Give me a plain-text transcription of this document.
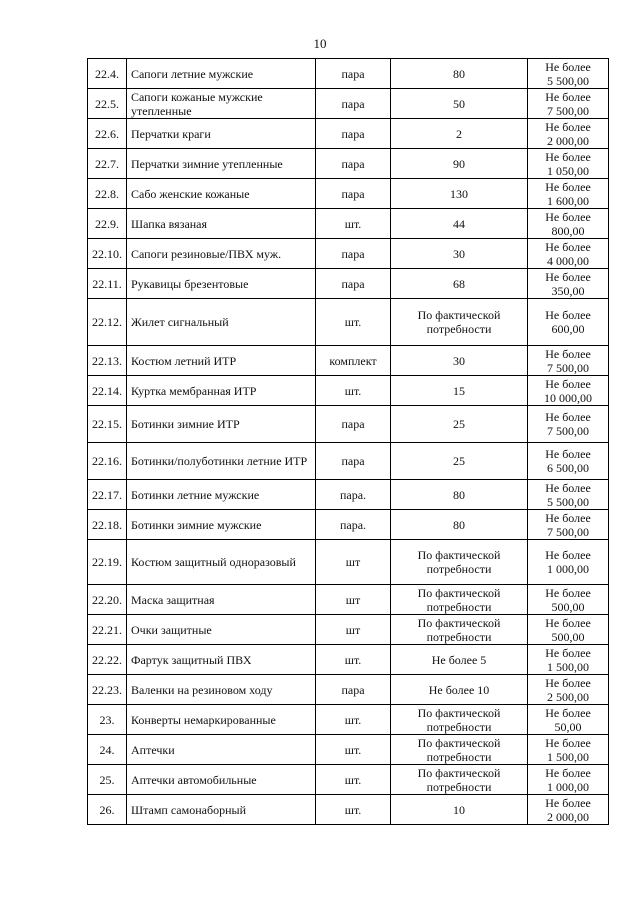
10
22.4.	Сапоги летние мужские	пара	80	Не более
5 500,00

22.5.	Сапоги кожаные мужские утепленные	пара	50	Не более
7 500,00

22.6.	Перчатки краги	пара	2	Не более
2 000,00

22.7.	Перчатки зимние утепленные	пара	90	Не более
1 050,00

22.8.	Сабо женские кожаные	пара	130	Не более
1 600,00

22.9.	Шапка вязаная	шт.	44	Не более
800,00

22.10.	Сапоги резиновые/ПВХ муж.	пара	30	Не более
4 000,00

22.11.	Рукавицы брезентовые	пара	68	Не более
350,00

22.12.	Жилет сигнальный	шт.	По фактической потребности	Не более
600,00

22.13.	Костюм летний ИТР	комплект	30	Не более
7 500,00

22.14.	Куртка мембранная ИТР	шт.	15	Не более
10 000,00

22.15.	Ботинки зимние ИТР	пара	25	Не более
7 500,00

22.16.	Ботинки/полуботинки летние ИТР	пара	25	Не более
6 500,00

22.17.	Ботинки летние мужские	пара.	80	Не более
5 500,00

22.18.	Ботинки зимние мужские	пара.	80	Не более
7 500,00

22.19.	Костюм защитный одноразовый	шт	По фактической потребности	Не более
1 000,00

22.20.	Маска защитная	шт	По фактической потребности	Не более
500,00

22.21.	Очки защитные	шт	По фактической потребности	Не более
500,00

22.22.	Фартук защитный ПВХ	шт.	Не более 5	Не более
1 500,00

22.23.	Валенки на резиновом ходу	пара	Не более 10	Не более
2 500,00

23.	Конверты немаркированные	шт.	По фактической потребности	Не более
50,00

24.	Аптечки	шт.	По фактической потребности	Не более
1 500,00

25.	Аптечки автомобильные	шт.	По фактической потребности	Не более
1 000,00

26.	Штамп самонаборный	шт.	10	Не более
2 000,00
